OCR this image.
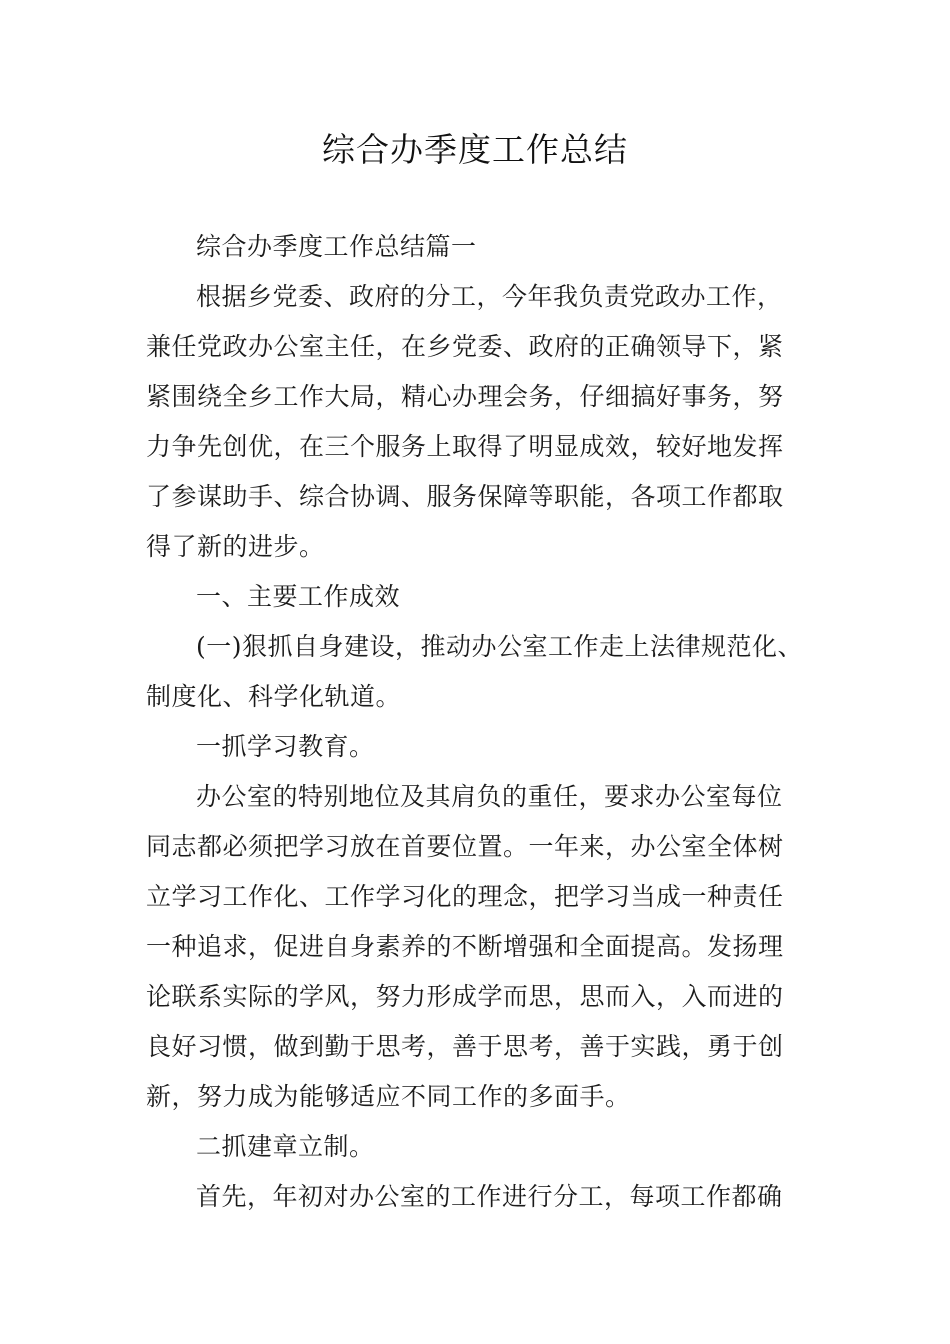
综合办季度工作总结
综合办季度工作总结篇一
根据乡党委、政府的分工，今年我负责党政办工作，
兼任党政办公室主任，在乡党委、政府的正确领导下，紧
紧围绕全乡工作大局，精心办理会务，仔细搞好事务，努
力争先创优，在三个服务上取得了明显成效，较好地发挥
了参谋助手、综合协调、服务保障等职能，各项工作都取
得了新的进步。
一、主要工作成效
(一)狠抓自身建设，推动办公室工作走上法律规范化、
制度化、科学化轨道。
一抓学习教育。
办公室的特别地位及其肩负的重任，要求办公室每位
同志都必须把学习放在首要位置。一年来，办公室全体树
立学习工作化、工作学习化的理念，把学习当成一种责任
一种追求，促进自身素养的不断增强和全面提高。发扬理
论联系实际的学风，努力形成学而思，思而入，入而进的
良好习惯，做到勤于思考，善于思考，善于实践，勇于创
新，努力成为能够适应不同工作的多面手。
二抓建章立制。
首先，年初对办公室的工作进行分工，每项工作都确
